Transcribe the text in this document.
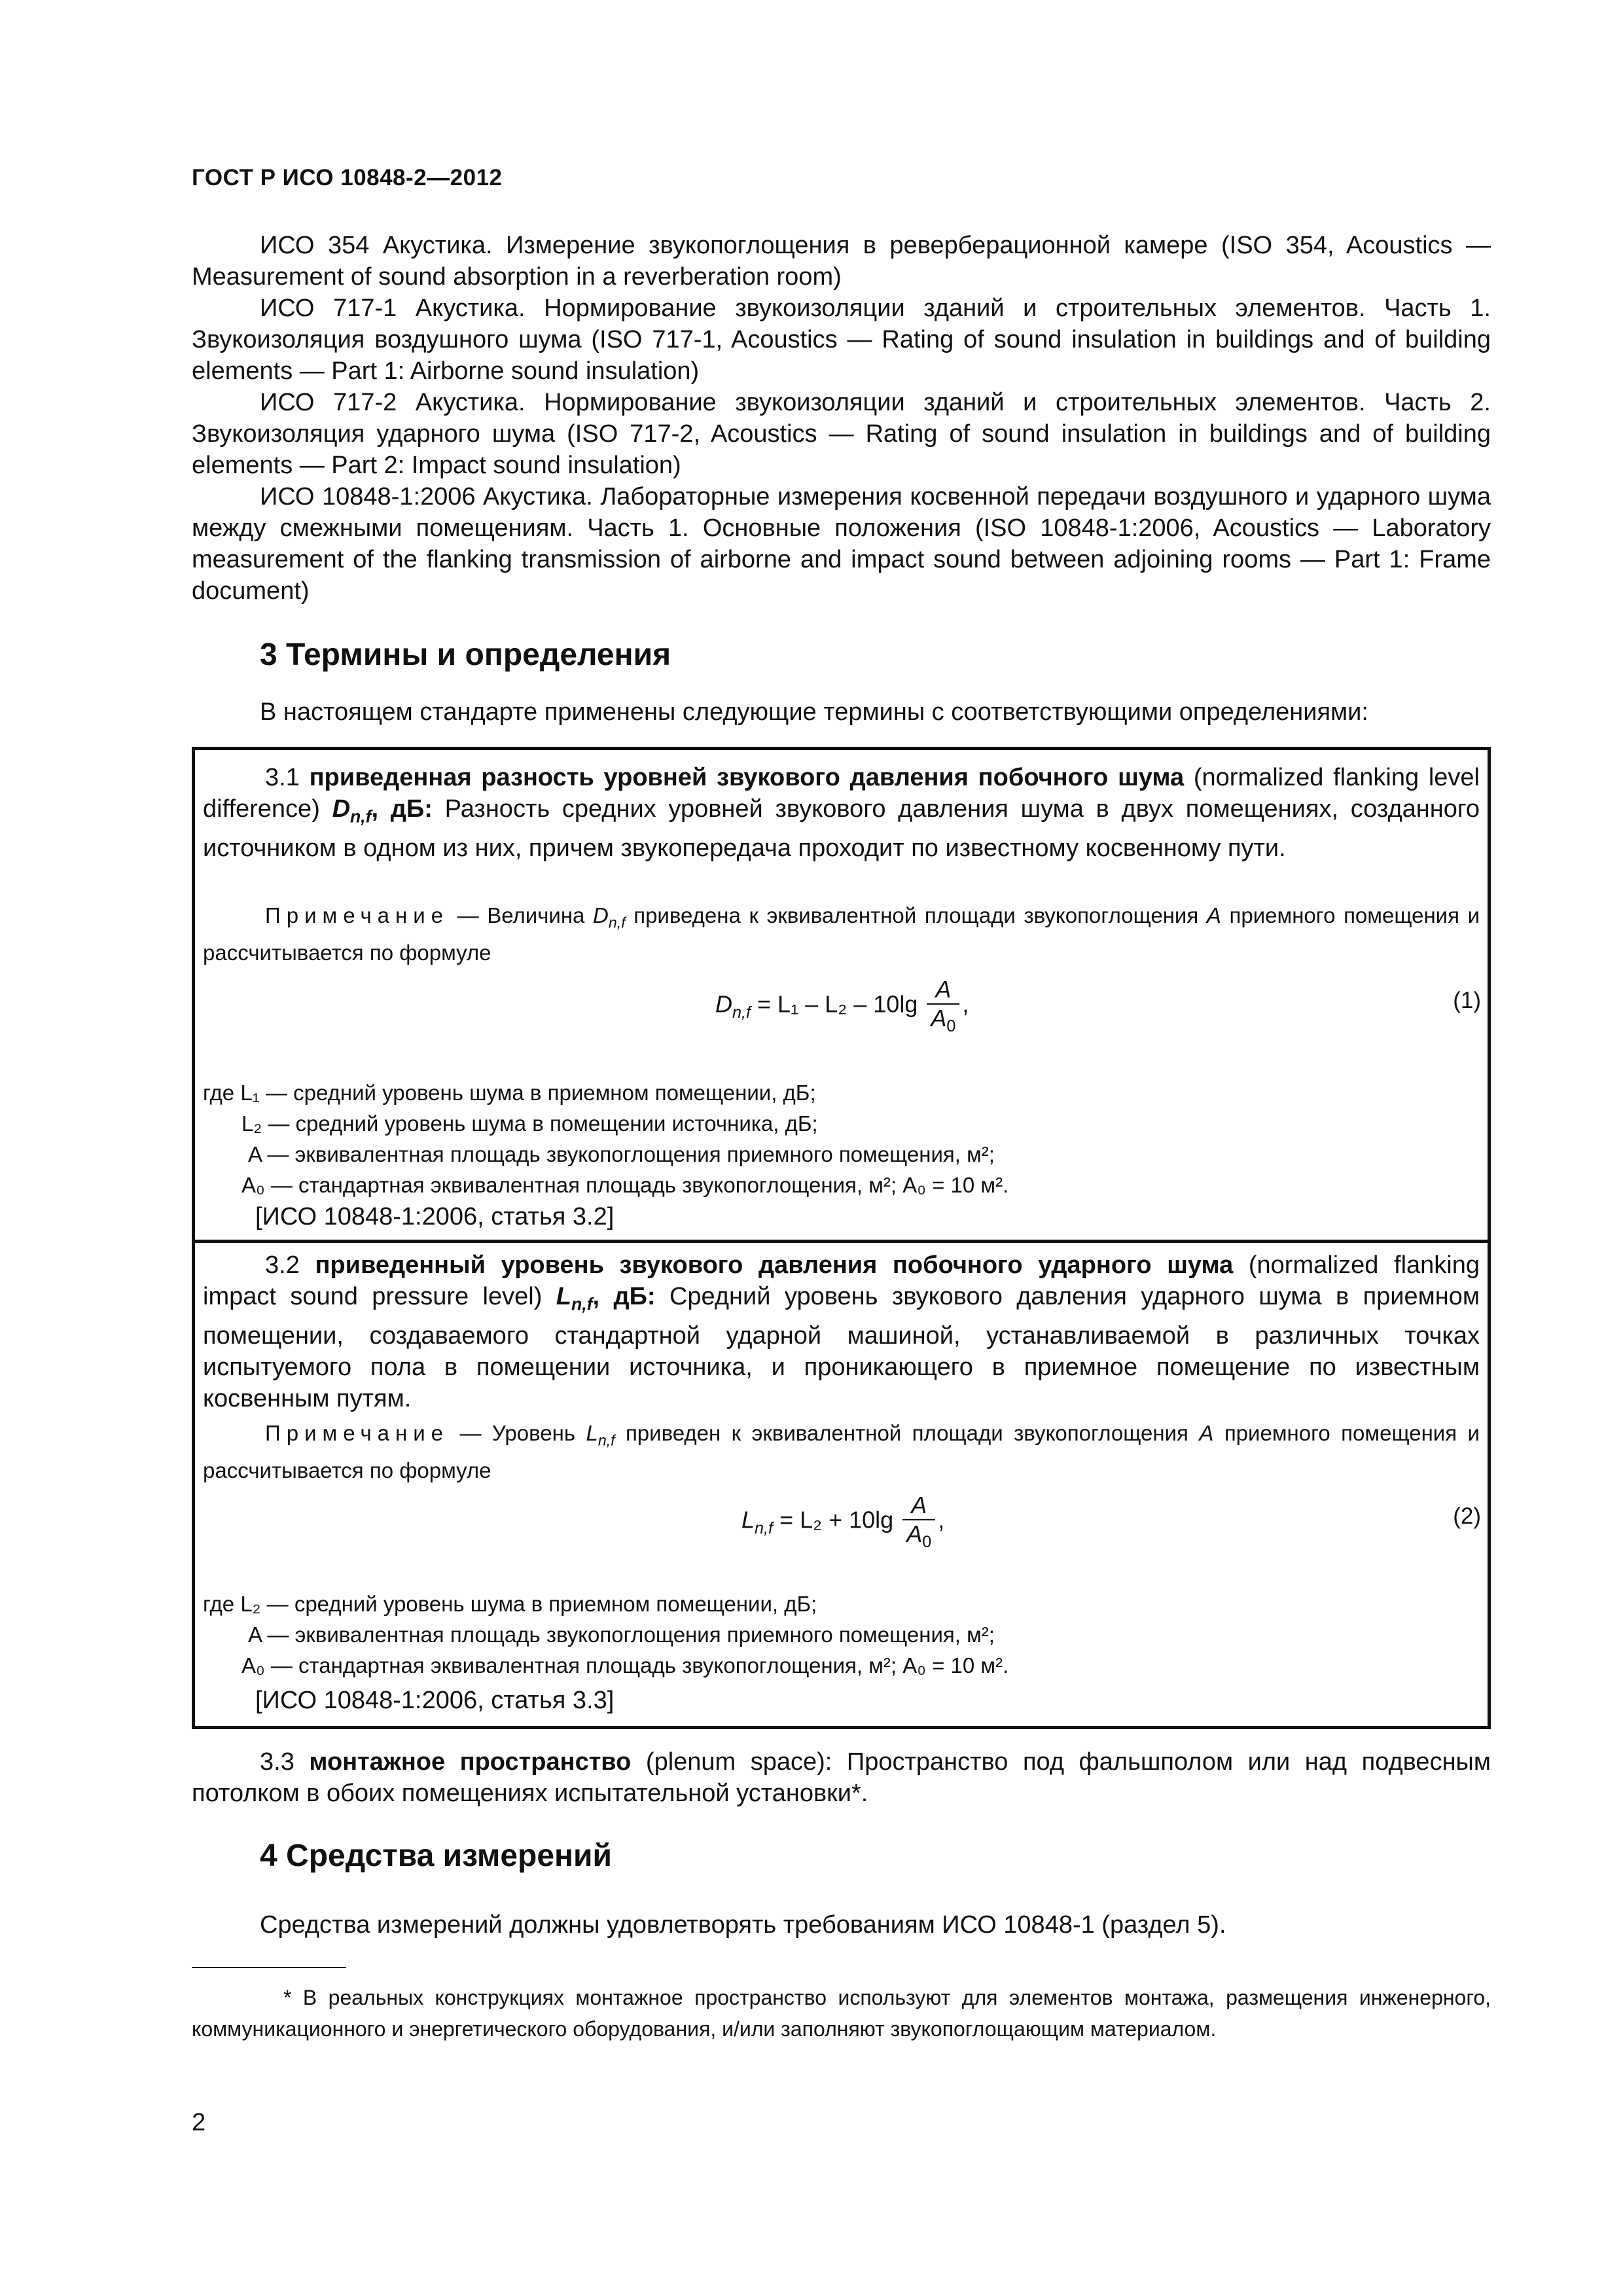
ГОСТ Р ИСО 10848-2—2012

ИСО 354 Акустика. Измерение звукопоглощения в реверберационной камере (ISO 354, Acoustics — Measurement of sound absorption in a reverberation room)

ИСО 717-1 Акустика. Нормирование звукоизоляции зданий и строительных элементов. Часть 1. Звукоизоляция воздушного шума (ISO 717-1, Acoustics — Rating of sound insulation in buildings and of building elements — Part 1: Airborne sound insulation)

ИСО 717-2 Акустика. Нормирование звукоизоляции зданий и строительных элементов. Часть 2. Звукоизоляция ударного шума (ISO 717-2, Acoustics — Rating of sound insulation in buildings and of building elements — Part 2: Impact sound insulation)

ИСО 10848-1:2006 Акустика. Лабораторные измерения косвенной передачи воздушного и ударного шума между смежными помещениям. Часть 1. Основные положения (ISO 10848-1:2006, Acoustics — Laboratory measurement of the flanking transmission of airborne and impact sound between adjoining rooms — Part 1: Frame document)

3 Термины и определения
В настоящем стандарте применены следующие термины с соответствующими определениями:

3.1 приведенная разность уровней звукового давления побочного шума (normalized flanking level difference) $D_{n,f}$, дБ: Разность средних уровней звукового давления шума в двух помещениях, созданного источником в одном из них, причем звукопередача проходит по известному косвенному пути.

Примечание — Величина $D_{n,f}$ приведена к эквивалентной площади звукопоглощения A приемного помещения и рассчитывается по формуле

$D_{n,f} = L_1 - L_2 - 10\lg \frac{A}{A_0}$ ,	(1)
где L₁ — средний уровень шума в приемном помещении, дБ;
L₂ — средний уровень шума в помещении источника, дБ;
A — эквивалентная площадь звукопоглощения приемного помещения, м²;
A₀ — стандартная эквивалентная площадь звукопоглощения, м²; A₀ = 10 м².
[ИСО 10848-1:2006, статья 3.2]

3.2 приведенный уровень звукового давления побочного ударного шума (normalized flanking impact sound pressure level) $L_{n,f}$, дБ: Средний уровень звукового давления ударного шума в приемном помещении, создаваемого стандартной ударной машиной, устанавливаемой в различных точках испытуемого пола в помещении источника, и проникающего в приемное помещение по известным косвенным путям.

Примечание — Уровень $L_{n,f}$ приведен к эквивалентной площади звукопоглощения A приемного помещения и рассчитывается по формуле

$L_{n,f} = L_2 + 10\lg \frac{A}{A_0}$ ,	(2)
где L₂ — средний уровень шума в приемном помещении, дБ;
A — эквивалентная площадь звукопоглощения приемного помещения, м²;
A₀ — стандартная эквивалентная площадь звукопоглощения, м²; A₀ = 10 м².
[ИСО 10848-1:2006, статья 3.3]

3.3 монтажное пространство (plenum space): Пространство под фальшполом или над подвесным потолком в обоих помещениях испытательной установки*.

4 Средства измерений
Средства измерений должны удовлетворять требованиям ИСО 10848-1 (раздел 5).
* В реальных конструкциях монтажное пространство используют для элементов монтажа, размещения инженерного, коммуникационного и энергетического оборудования, и/или заполняют звукопоглощающим материалом.
2
